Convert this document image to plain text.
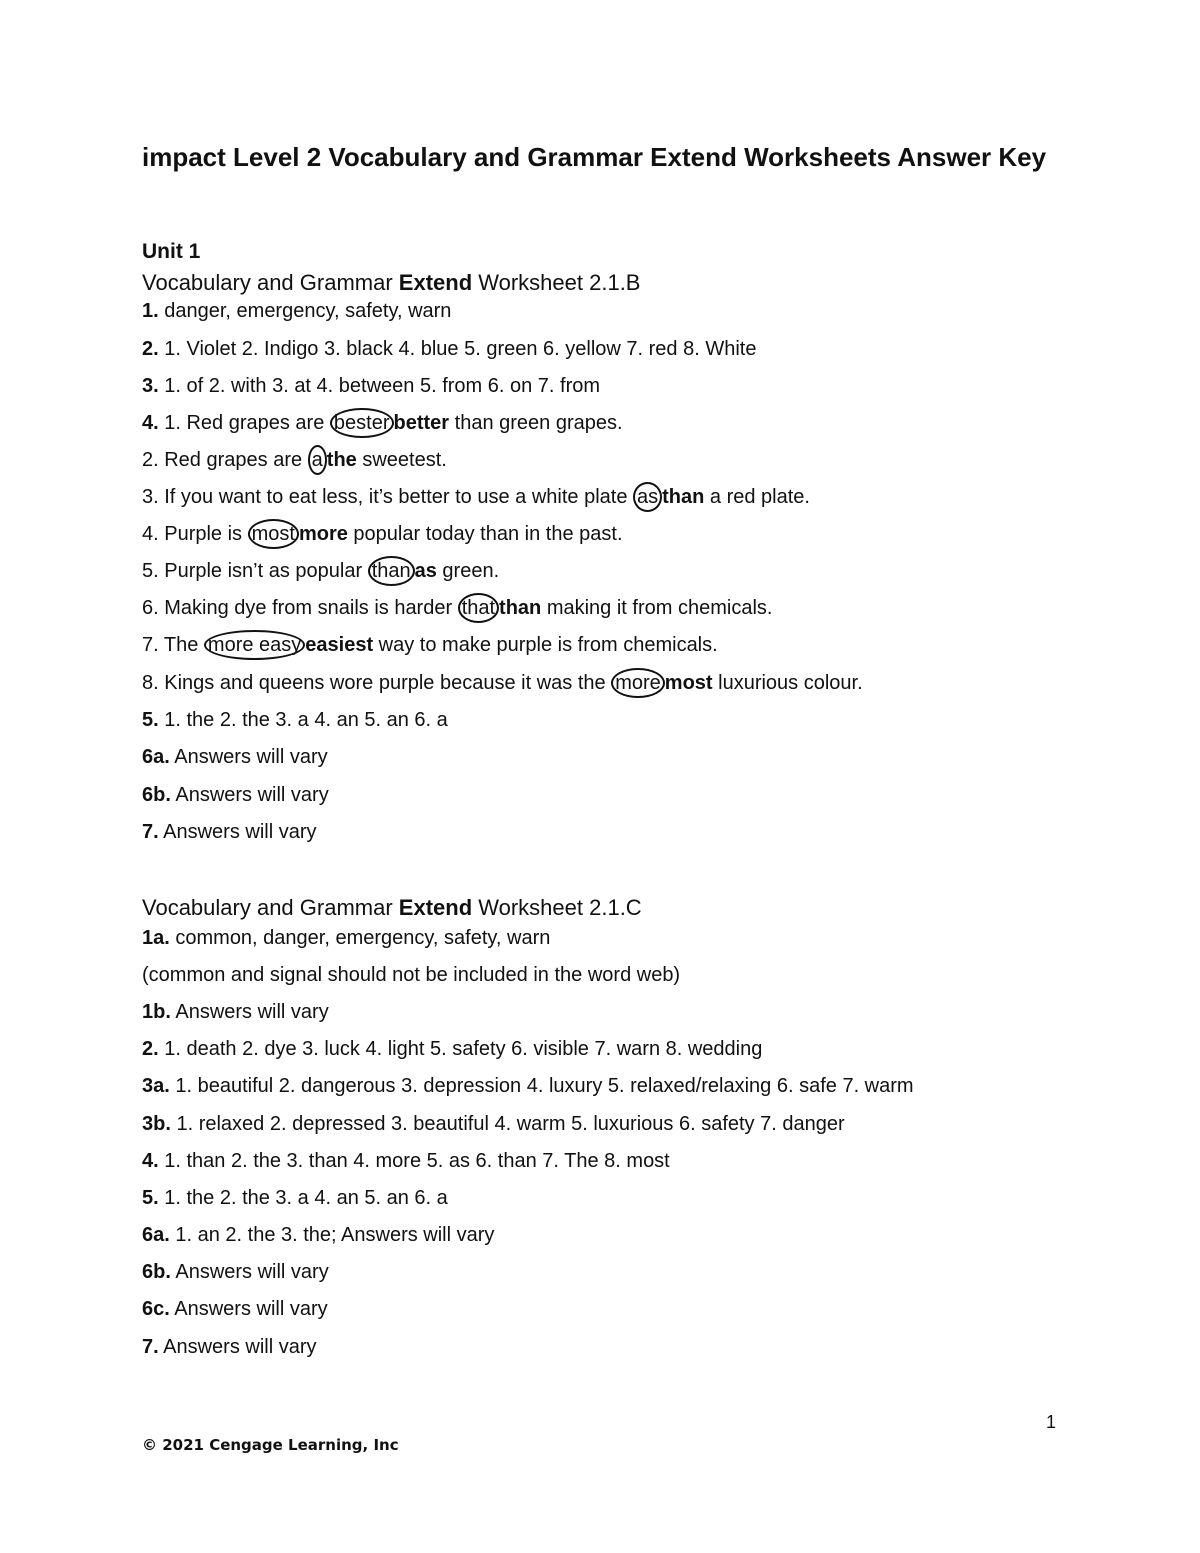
impact Level 2 Vocabulary and Grammar Extend Worksheets Answer Key
Unit 1
Vocabulary and Grammar Extend Worksheet 2.1.B
1. danger, emergency, safety, warn
2. 1. Violet 2. Indigo 3. black 4. blue 5. green 6. yellow 7. red 8. White
3. 1. of 2. with 3. at 4. between 5. from 6. on 7. from
4. 1. Red grapes are bester better than green grapes.
2. Red grapes are a the sweetest.
3. If you want to eat less, it’s better to use a white plate as than a red plate.
4. Purple is most more popular today than in the past.
5. Purple isn’t as popular than as green.
6. Making dye from snails is harder that than making it from chemicals.
7. The more easy easiest way to make purple is from chemicals.
8. Kings and queens wore purple because it was the more most luxurious colour.
5. 1. the 2. the 3. a 4. an 5. an 6. a
6a. Answers will vary
6b. Answers will vary
7. Answers will vary
Vocabulary and Grammar Extend Worksheet 2.1.C
1a. common, danger, emergency, safety, warn
(common and signal should not be included in the word web)
1b. Answers will vary
2. 1. death 2. dye 3. luck 4. light 5. safety 6. visible 7. warn 8. wedding
3a. 1. beautiful 2. dangerous 3. depression 4. luxury 5. relaxed/relaxing 6. safe 7. warm
3b. 1. relaxed 2. depressed 3. beautiful 4. warm 5. luxurious 6. safety 7. danger
4. 1. than 2. the 3. than 4. more 5. as 6. than 7. The 8. most
5. 1. the 2. the 3. a 4. an 5. an 6. a
6a. 1. an 2. the 3. the; Answers will vary
6b. Answers will vary
6c. Answers will vary
7. Answers will vary
1
© 2021 Cengage Learning, Inc
